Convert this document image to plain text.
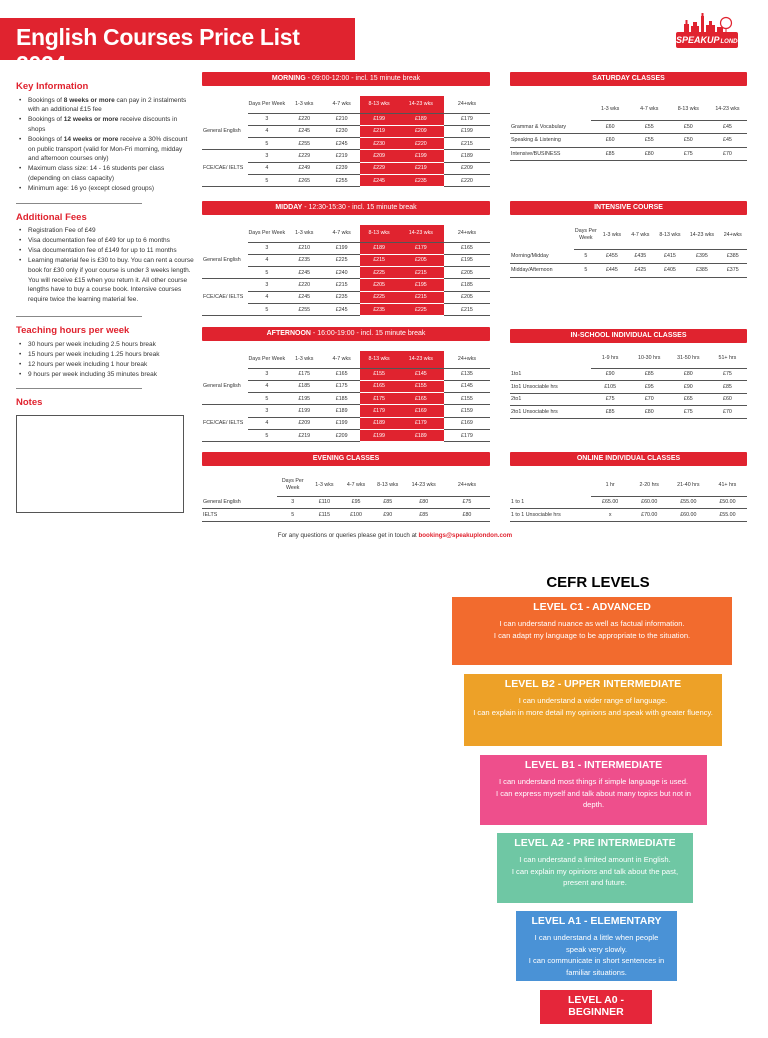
English Courses Price List 2024
SPEAKUPLONDON
Key Information
• Bookings of 8 weeks or more can pay in 2 instalments with an additional £15 fee
• Bookings of 12 weeks or more receive discounts in shops
• Bookings of 14 weeks or more receive a 30% discount on public transport (valid for Mon-Fri morning, midday and afternoon courses only)
• Maximum class size: 14 - 16 students per class (depending on class capacity)
• Minimum age: 16 yo (except closed groups)
Additional Fees
• Registration Fee of £49
• Visa documentation fee of £49 for up to 6 months
• Visa documentation fee of £149 for up to 11 months
• Learning material fee is £30 to buy. You can rent a course book for £30 only if your course is under 3 weeks length. You will receive £15 when you return it. All other course lengths have to buy a course book. Intensive courses require twice the learning material fee.
Teaching hours per week
• 30 hours per week including 2.5 hours break
• 15 hours per week including 1.25 hours break
• 12 hours per week including 1 hour break
• 9 hours per week including 35 minutes break
Notes
MORNING - 09:00-12:00 - incl. 15 minute break
	Days Per Week	1-3 wks	4-7 wks	8-13 wks	14-23 wks	24+wks
	3	£220	£210	£199	£189	£179
General English	4	£245	£230	£219	£209	£199
	5	£255	£245	£230	£220	£215
	3	£229	£219	£209	£199	£189
FCE/CAE/ IELTS	4	£249	£239	£229	£219	£209
	5	£265	£255	£245	£235	£220
MIDDAY - 12:30-15:30 - incl. 15 minute break
	Days Per Week	1-3 wks	4-7 wks	8-13 wks	14-23 wks	24+wks
	3	£210	£199	£189	£179	£165
General English	4	£235	£225	£215	£205	£195
	5	£245	£240	£225	£215	£205
	3	£220	£215	£205	£195	£185
FCE/CAE/ IELTS	4	£245	£235	£225	£215	£205
	5	£255	£245	£235	£225	£215
AFTERNOON - 16:00-19:00 - incl. 15 minute break
	Days Per Week	1-3 wks	4-7 wks	8-13 wks	14-23 wks	24+wks
	3	£175	£165	£155	£145	£135
General English	4	£185	£175	£165	£155	£145
	5	£195	£185	£175	£165	£155
	3	£199	£189	£179	£169	£159
FCE/CAE/ IELTS	4	£209	£199	£189	£179	£169
	5	£219	£209	£199	£189	£179
EVENING CLASSES
	Days Per Week	1-3 wks	4-7 wks	8-13 wks	14-23 wks	24+wks
General English	3	£110	£95	£85	£80	£75
IELTS	5	£115	£100	£90	£85	£80
SATURDAY CLASSES
	1-3 wks	4-7 wks	8-13 wks	14-23 wks
Grammar & Vocabulary	£60	£55	£50	£45
Speaking & Listening	£60	£55	£50	£45
Intensive/BUSINESS	£85	£80	£75	£70
INTENSIVE COURSE
	Days Per Week	1-3 wks	4-7 wks	8-13 wks	14-23 wks	24+wks
Morning/Midday	5	£455	£435	£415	£395	£385
Midday/Afternoon	5	£445	£425	£405	£385	£375
IN-SCHOOL INDIVIDUAL CLASSES
	1-9 hrs	10-30 hrs	31-50 hrs	51+ hrs
1to1	£90	£85	£80	£75
1to1 Unsociable hrs	£105	£95	£90	£85
2to1	£75	£70	£65	£60
2to1 Unsociable hrs	£85	£80	£75	£70
ONLINE INDIVIDUAL CLASSES
	1 hr	2-20 hrs	21-40 hrs	41+ hrs
1 to 1	£65.00	£60.00	£55.00	£50.00
1 to 1 Unsociable hrs	x	£70.00	£60.00	£55.00
For any questions or queries please get in touch at bookings@speakuplondon.com
CEFR LEVELS
LEVEL C1 - ADVANCED
I can understand nuance as well as factual information.
I can adapt my language to be appropriate to the situation.
LEVEL B2 - UPPER INTERMEDIATE
I can understand a wider range of language.
I can explain in more detail my opinions and speak with greater fluency.
LEVEL B1 - INTERMEDIATE
I can understand most things if simple language is used.
I can express myself and talk about many topics but not in depth.
LEVEL A2 - PRE INTERMEDIATE
I can understand a limited amount in English.
I can explain my opinions and talk about the past, present and future.
LEVEL A1 - ELEMENTARY
I can understand a little when people speak very slowly.
I can communicate in short sentences in familiar situations.
LEVEL A0 - BEGINNER
I don't understand
